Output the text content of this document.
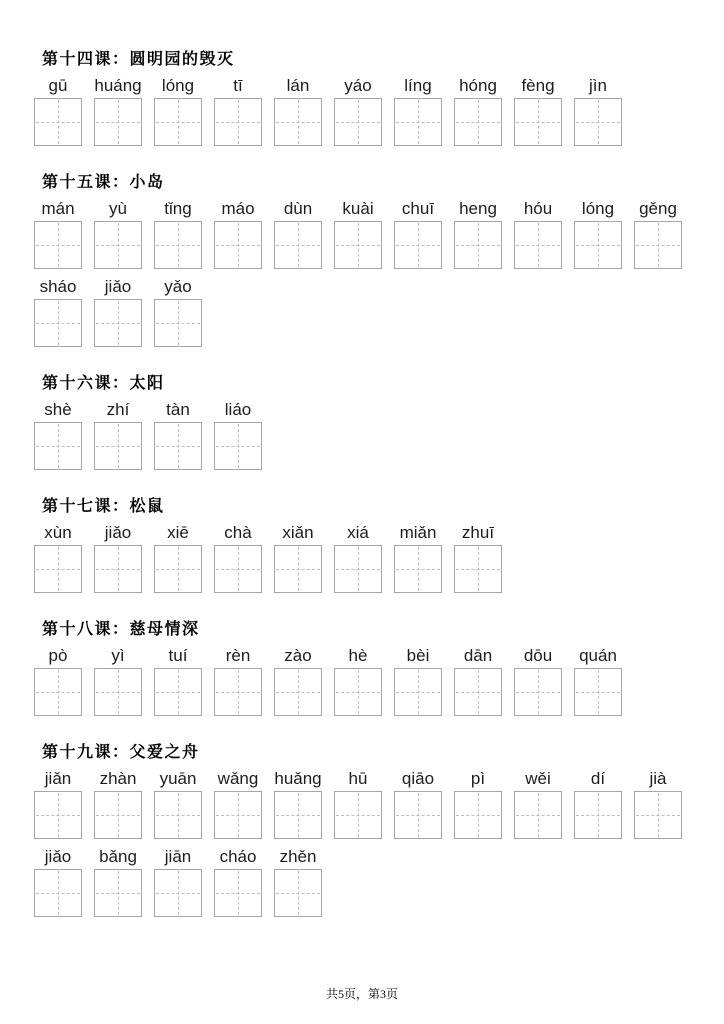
第十四课：圆明园的毁灭
gū	huáng	lóng	tī	lán	yáo	líng	hóng	fèng	jìn
第十五课：小岛
mán	yù	tǐng	máo	dùn	kuài	chuī	heng	hóu	lóng	gěng
sháo	jiǎo	yǎo
第十六课：太阳
shè	zhí	tàn	liáo
第十七课：松鼠
xùn	jiǎo	xiē	chà	xiǎn	xiá	miǎn	zhuī
第十八课：慈母情深
pò	yì	tuí	rèn	zào	hè	bèi	dān	dōu	quán
第十九课：父爱之舟
jiǎn	zhàn	yuān	wǎng huǎng	hū	qiāo	pì	wěi	dí	jià
jiǎo	bǎng	jiān	cháo	zhěn
共5页，第3页
